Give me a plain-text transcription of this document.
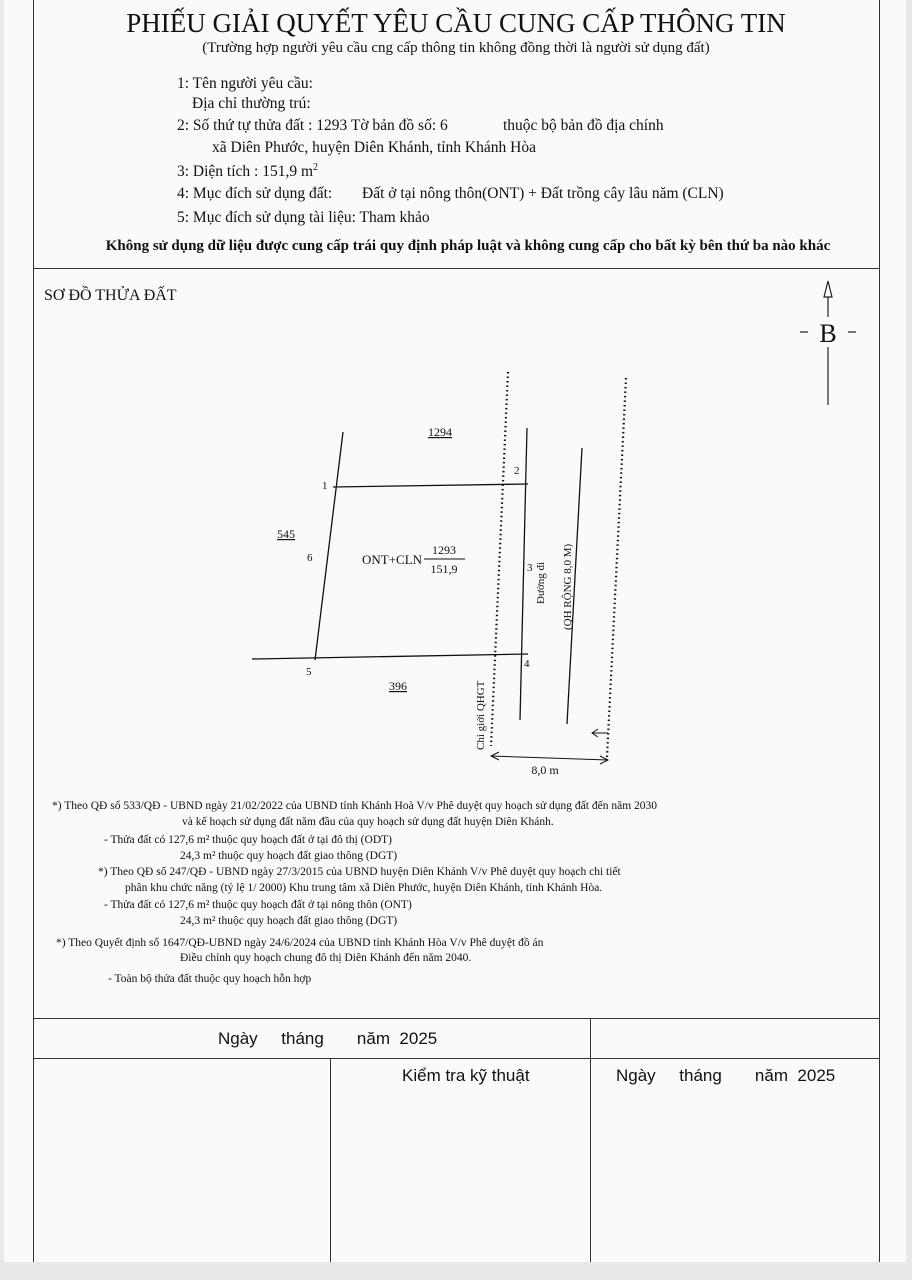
PHIẾU GIẢI QUYẾT YÊU CẦU CUNG CẤP THÔNG TIN
(Trường hợp người yêu cầu cng cấp thông tin không đồng thời là người sử dụng đất)
1: Tên người yêu cầu:
Địa chỉ thường trú:
2: Số thứ tự thửa đất : 1293 Tờ bản đồ số: 6	thuộc bộ bản đồ địa chính
xã Diên Phước, huyện Diên Khánh, tỉnh Khánh Hòa
3: Diện tích : 151,9 $m^2$
4: Mục đích sử dụng đất: Đất ở tại nông thôn(ONT) + Đất trồng cây lâu năm (CLN)
5: Mục đích sử dụng tài liệu: Tham khảo
Không sử dụng dữ liệu được cung cấp trái quy định pháp luật và không cung cấp cho bất kỳ bên thứ ba nào khác
SƠ ĐỒ THỬA ĐẤT
B
1294
545
396
ONT+CLN
1293
151,9
1
2
3
4
5
6
Đường đi (QH RỘNG 8,0 M)
Chỉ giới QHGT
8,0 m
*) Theo QĐ số 533/QĐ - UBND ngày 21/02/2022 của UBND tỉnh Khánh Hoà V/v Phê duyệt quy hoạch sử dụng đất đến năm 2030
và kế hoạch sử dụng đất năm đầu của quy hoạch sử dụng đất huyện Diên Khánh.
- Thửa đất có 127,6 m² thuộc quy hoạch đất ở tại đô thị (ODT)
24,3 m² thuộc quy hoạch đất giao thông (DGT)
*) Theo QĐ số 247/QĐ - UBND ngày 27/3/2015 của UBND huyện Diên Khánh V/v Phê duyệt quy hoạch chi tiết
phân khu chức năng (tỷ lệ 1/ 2000) Khu trung tâm xã Diên Phước, huyện Diên Khánh, tỉnh Khánh Hòa.
- Thửa đất có 127,6 m² thuộc quy hoạch đất ở tại nông thôn (ONT)
24,3 m² thuộc quy hoạch đất giao thông (DGT)
*) Theo Quyết định số 1647/QĐ-UBND ngày 24/6/2024 của UBND tỉnh Khánh Hòa V/v Phê duyệt đồ án
Điều chỉnh quy hoạch chung đô thị Diên Khánh đến năm 2040.
- Toàn bộ thửa đất thuộc quy hoạch hỗn hợp
Ngày     tháng       năm  2025
Kiểm tra kỹ thuật	Ngày     tháng       năm  2025
